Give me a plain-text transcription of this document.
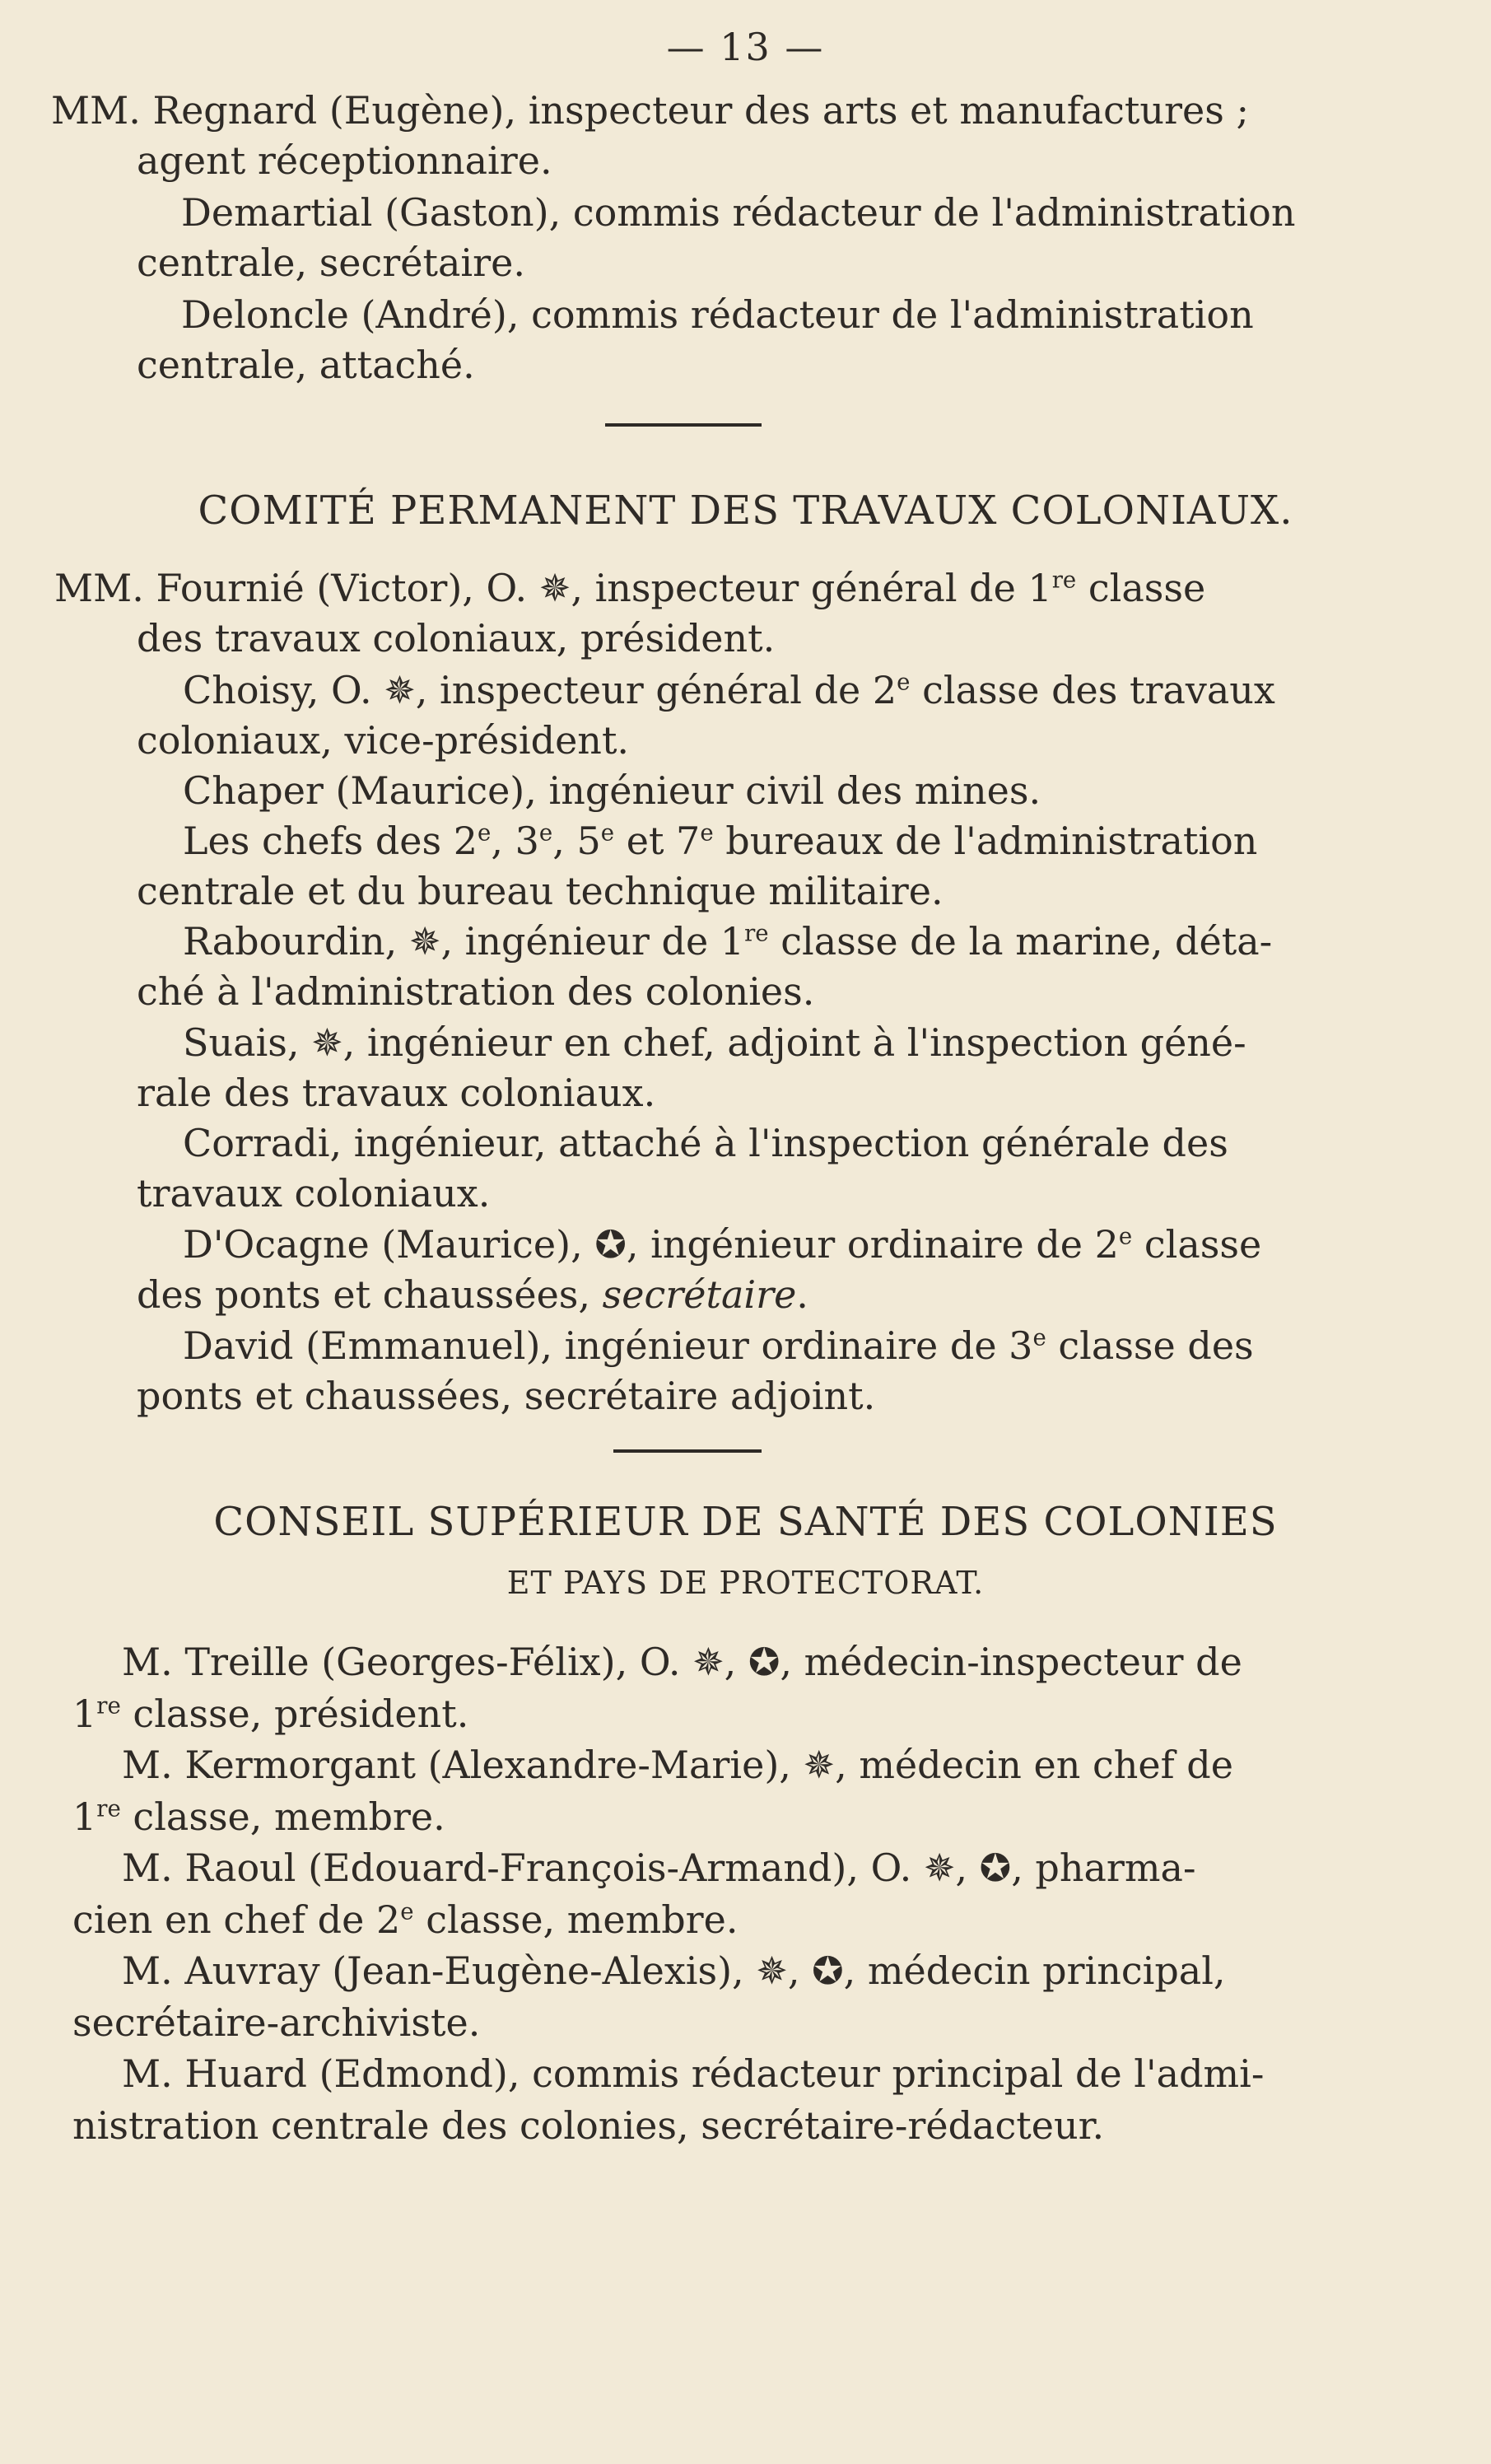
— 13 —
MM. Regnard (Eugène), inspecteur des arts et manufactures ;
agent réceptionnaire.
Demartial (Gaston), commis rédacteur de l'administration
centrale, secrétaire.
Deloncle (André), commis rédacteur de l'administration
centrale, attaché.
COMITÉ PERMANENT DES TRAVAUX COLONIAUX.
MM. Fournié (Victor), O. ✵, inspecteur général de 1re classe
des travaux coloniaux, président.
Choisy, O. ✵, inspecteur général de 2e classe des travaux
coloniaux, vice-président.
Chaper (Maurice), ingénieur civil des mines.
Les chefs des 2e, 3e, 5e et 7e bureaux de l'administration
centrale et du bureau technique militaire.
Rabourdin, ✵, ingénieur de 1re classe de la marine, déta-
ché à l'administration des colonies.
Suais, ✵, ingénieur en chef, adjoint à l'inspection géné-
rale des travaux coloniaux.
Corradi, ingénieur, attaché à l'inspection générale des
travaux coloniaux.
D'Ocagne (Maurice), ✪, ingénieur ordinaire de 2e classe
des ponts et chaussées, secrétaire.
David (Emmanuel), ingénieur ordinaire de 3e classe des
ponts et chaussées, secrétaire adjoint.
CONSEIL SUPÉRIEUR DE SANTÉ DES COLONIES
ET PAYS DE PROTECTORAT.
M. Treille (Georges-Félix), O. ✵, ✪, médecin-inspecteur de
1re classe, président.
M. Kermorgant (Alexandre-Marie), ✵, médecin en chef de
1re classe, membre.
M. Raoul (Edouard-François-Armand), O. ✵, ✪, pharma-
cien en chef de 2e classe, membre.
M. Auvray (Jean-Eugène-Alexis), ✵, ✪, médecin principal,
secrétaire-archiviste.
M. Huard (Edmond), commis rédacteur principal de l'admi-
nistration centrale des colonies, secrétaire-rédacteur.
